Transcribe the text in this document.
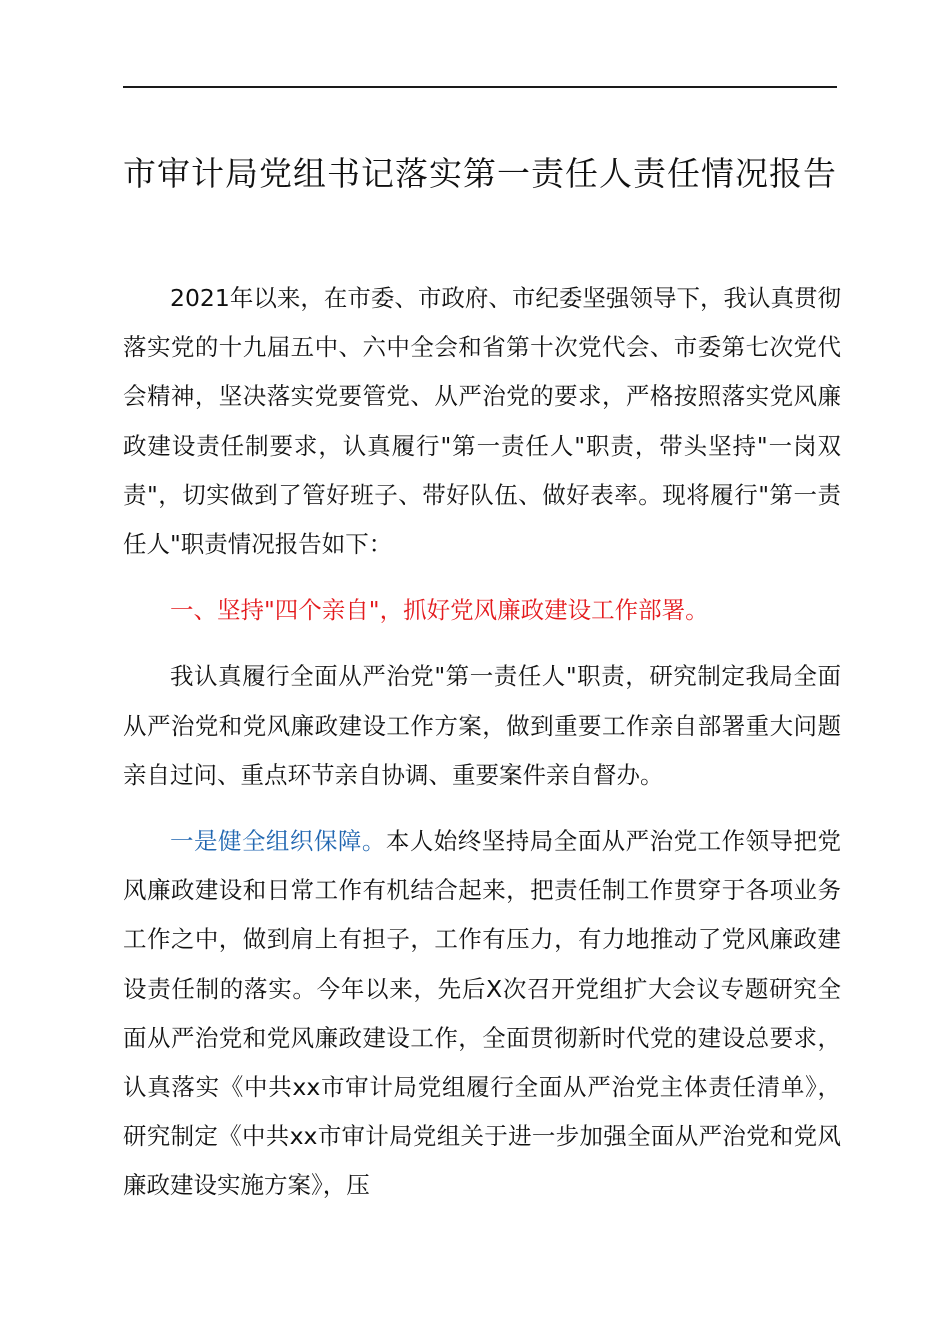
市审计局党组书记落实第一责任人责任情况报告

2021年以来，在市委、市政府、市纪委坚强领导下，我认真贯彻落实党的十九届五中、六中全会和省第十次党代会、市委第七次党代会精神，坚决落实党要管党、从严治党的要求，严格按照落实党风廉政建设责任制要求，认真履行"第一责任人"职责，带头坚持"一岗双责"，切实做到了管好班子、带好队伍、做好表率。现将履行"第一责任人"职责情况报告如下：

一、坚持"四个亲自"，抓好党风廉政建设工作部署。

我认真履行全面从严治党"第一责任人"职责，研究制定我局全面从严治党和党风廉政建设工作方案，做到重要工作亲自部署重大问题亲自过问、重点环节亲自协调、重要案件亲自督办。

一是健全组织保障。本人始终坚持局全面从严治党工作领导把党风廉政建设和日常工作有机结合起来，把责任制工作贯穿于各项业务工作之中，做到肩上有担子，工作有压力，有力地推动了党风廉政建设责任制的落实。今年以来，先后X次召开党组扩大会议专题研究全面从严治党和党风廉政建设工作，全面贯彻新时代党的建设总要求，认真落实《中共xx市审计局党组履行全面从严治党主体责任清单》，研究制定《中共xx市审计局党组关于进一步加强全面从严治党和党风廉政建设实施方案》，压
